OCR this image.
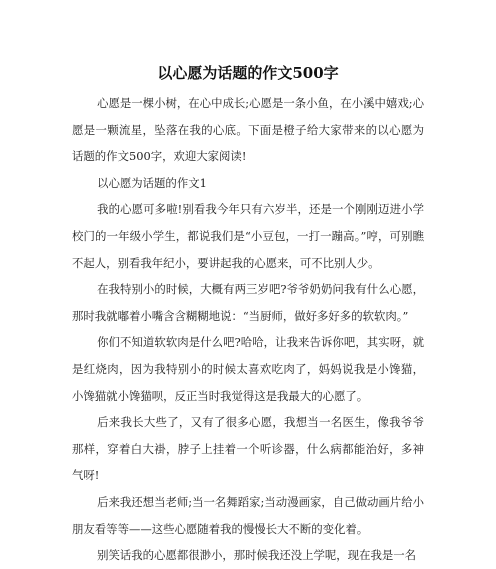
以心愿为话题的作文500字

心愿是一棵小树，在心中成长;心愿是一条小鱼，在小溪中嬉戏;心愿是一颗流星，坠落在我的心底。下面是橙子给大家带来的以心愿为话题的作文500字，欢迎大家阅读!

以心愿为话题的作文1

我的心愿可多啦!别看我今年只有六岁半，还是一个刚刚迈进小学校门的一年级小学生，都说我们是“小豆包，一打一蹦高。”哼，可别瞧不起人，别看我年纪小，要讲起我的心愿来，可不比别人少。

在我特别小的时候，大概有两三岁吧?爷爷奶奶问我有什么心愿，那时我就嘟着小嘴含含糊糊地说：“当厨师，做好多好多的软软肉。”

你们不知道软软肉是什么吧?哈哈，让我来告诉你吧，其实呀，就是红烧肉，因为我特别小的时候太喜欢吃肉了，妈妈说我是小馋猫，小馋猫就小馋猫呗，反正当时我觉得这是我最大的心愿了。

后来我长大些了，又有了很多心愿，我想当一名医生，像我爷爷那样，穿着白大褂，脖子上挂着一个听诊器，什么病都能治好，多神气呀!

后来我还想当老师;当一名舞蹈家;当动漫画家，自己做动画片给小朋友看等等——这些心愿随着我的慢慢长大不断的变化着。

别笑话我的心愿都很渺小，那时候我还没上学呢，现在我是一名
